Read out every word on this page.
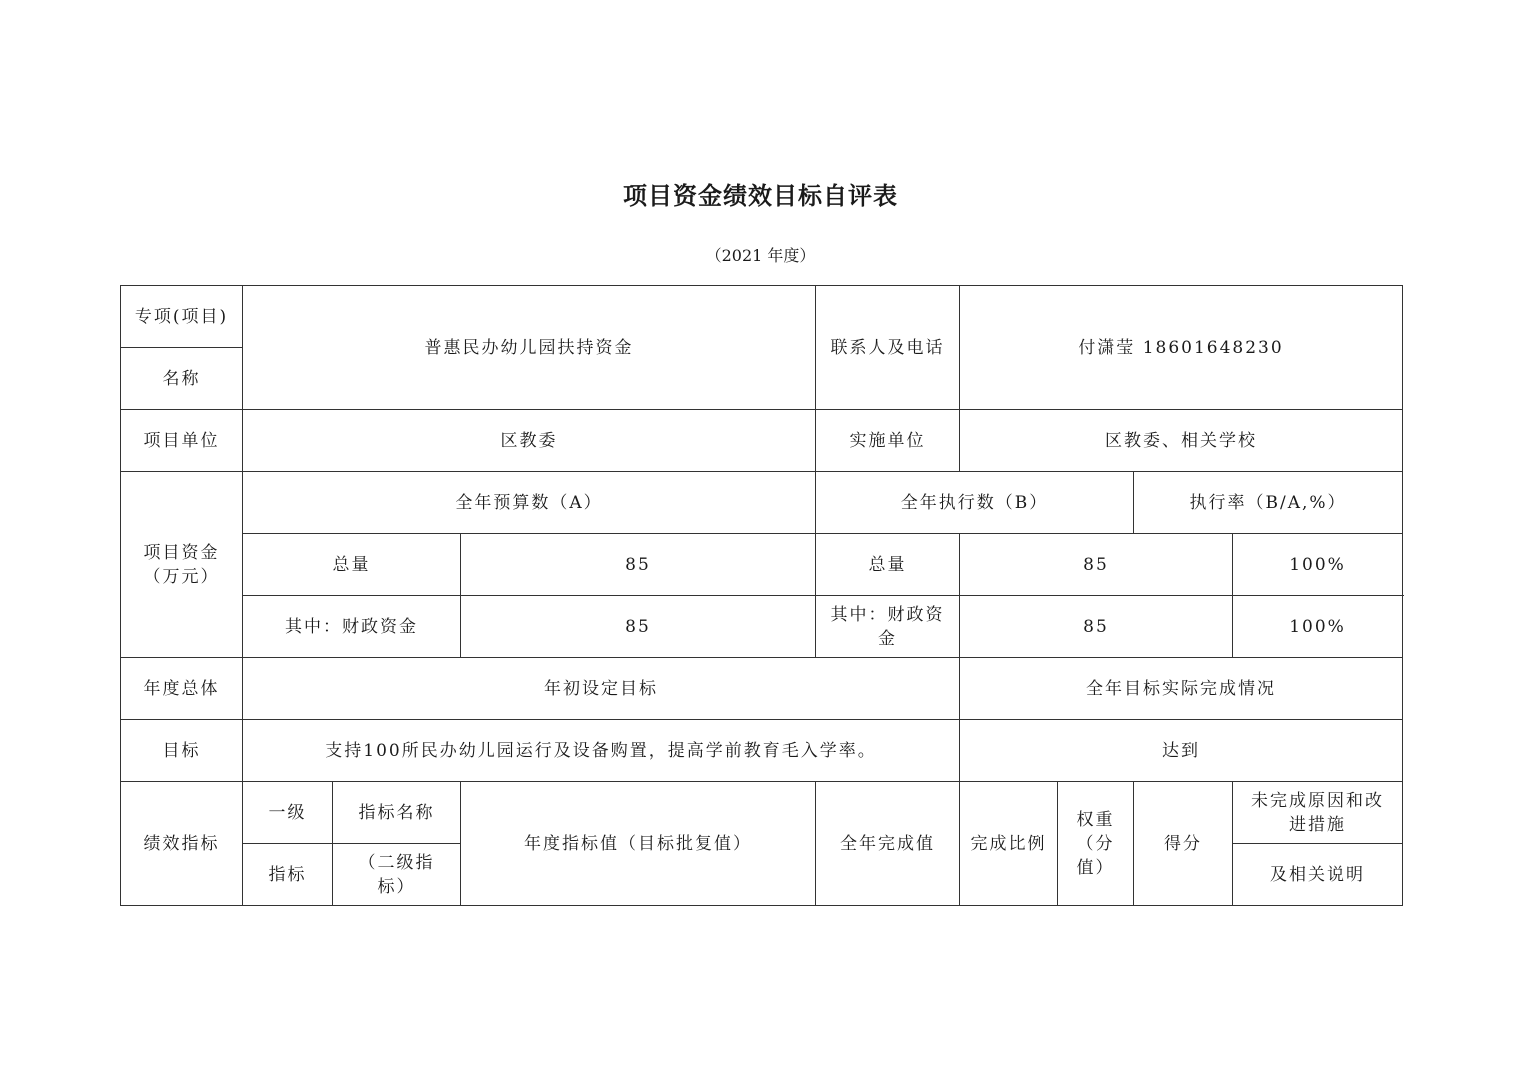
项目资金绩效目标自评表
（2021 年度）
专项(项目)	普惠民办幼儿园扶持资金			联系人及电话	付潇莹 18601648230			
名称								
项目单位	区教委			实施单位	区教委、相关学校			
项目资金（万元）	全年预算数（A）			全年执行数（B）			执行率（B/A,%）	
	总量		85	总量	85			100%
	其中：财政资金		85	其中：财政资金	85			100%
年度总体	年初设定目标				全年目标实际完成情况			
目标	支持100所民办幼儿园运行及设备购置，提高学前教育毛入学率。				达到			
绩效指标	一级	指标名称	年度指标值（目标批复值）	全年完成值	完成比例	权重（分值）	得分	未完成原因和改进措施
	指标	（二级指标）						及相关说明
